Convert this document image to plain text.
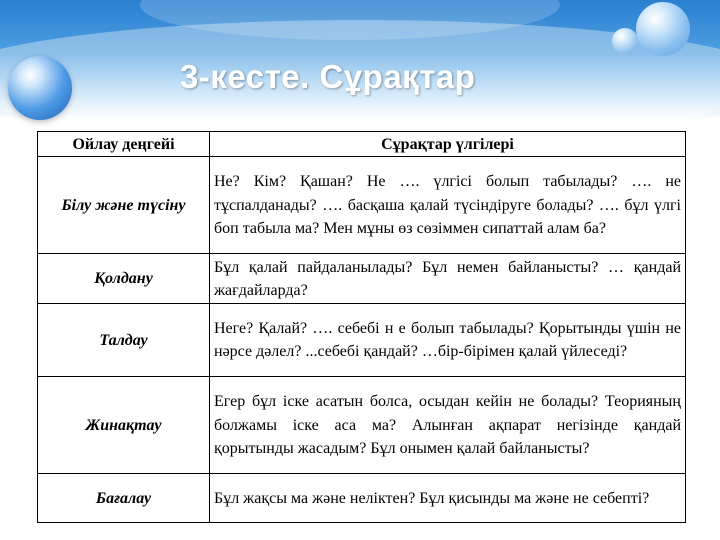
3-кесте. Сұрақтар
Ойлау деңгейі	Сұрақтар үлгілері
Білу және түсіну	Не? Кім? Қашан? Не …. үлгісі болып табылады? …. не тұспалданады? …. басқаша қалай түсіндіруге болады? …. бұл үлгі боп табыла ма? Мен мұны өз сөзіммен сипаттай алам ба?
Қолдану	Бұл қалай пайдаланылады? Бұл немен байланысты? … қандай жағдайларда?
Талдау	Неге? Қалай? …. себебі н е болып табылады? Қорытынды үшін не нәрсе дәлел? ...себебі қандай? …бір-бірімен қалай үйлеседі?
Жинақтау	Егер бұл іске асатын болса, осыдан кейін не болады? Теорияның болжамы іске аса ма? Алынған ақпарат негізінде қандай қорытынды жасадым? Бұл онымен қалай байланысты?
Бағалау	Бұл жақсы ма және неліктен? Бұл қисынды ма және не себепті?
